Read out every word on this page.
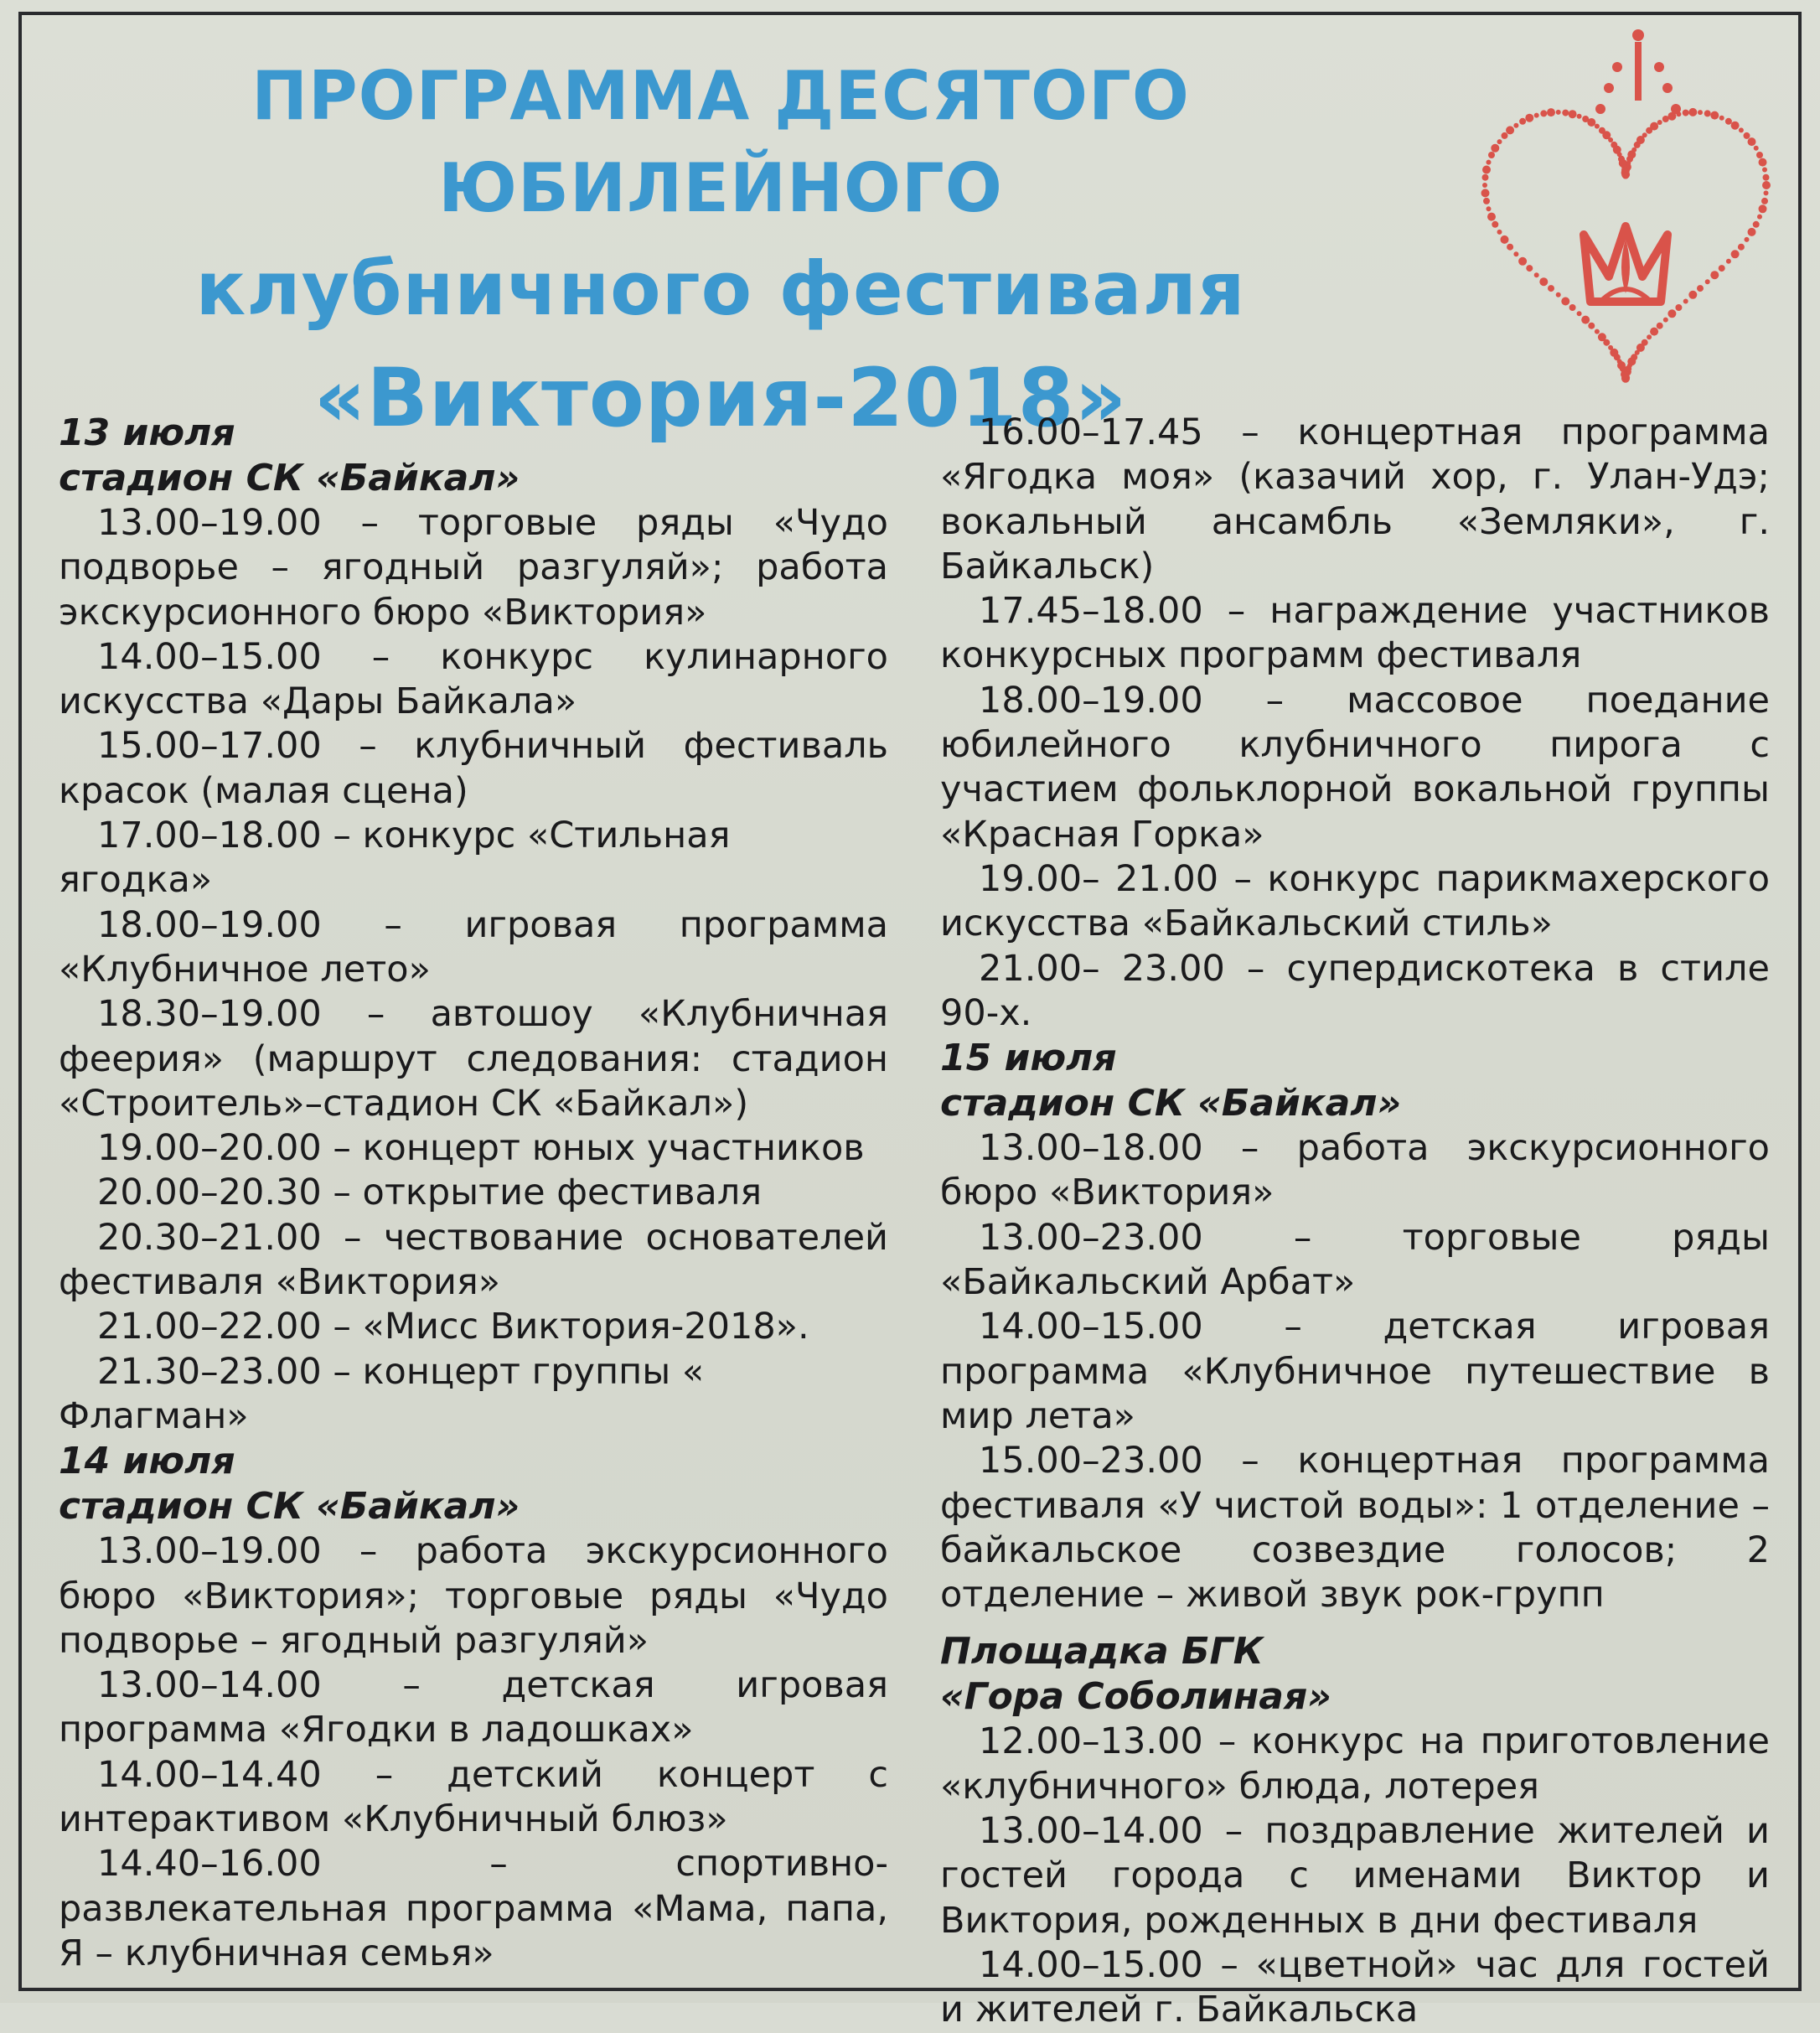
ПРОГРАММА ДЕСЯТОГО ЮБИЛЕЙНОГО
клубничного фестиваля
«Виктория-2018»
13 июля
стадион СК «Байкал»
13.00–19.00 – торговые ряды «Чудо подворье – ягодный разгуляй»; работа экскурсионного бюро «Виктория»
14.00–15.00 – конкурс кулинарного искусства «Дары Байкала»
15.00–17.00 – клубничный фестиваль красок (малая сцена)
17.00–18.00 – конкурс «Стильная ягодка»
18.00–19.00 – игровая программа «Клубничное лето»
18.30–19.00 – автошоу «Клубничная феерия» (маршрут следования: стадион «Строитель»–стадион СК «Байкал»)
19.00–20.00 – концерт юных участников
20.00–20.30 – открытие фестиваля
20.30–21.00 – чествование основателей фестиваля «Виктория»
21.00–22.00 – «Мисс Виктория-2018».
21.30–23.00 – концерт группы « Флагман»
14 июля
стадион СК «Байкал»
13.00–19.00 – работа экскурсионного бюро «Виктория»; торговые ряды «Чудо подворье – ягодный разгуляй»
13.00–14.00 – детская игровая программа «Ягодки в ладошках»
14.00–14.40 – детский концерт с интерактивом «Клубничный блюз»
14.40–16.00 – спортивно-развлекательная программа «Мама, папа, Я – клубничная семья»
16.00–17.45 – концертная программа «Ягодка моя» (казачий хор, г. Улан-Удэ; вокальный ансамбль «Земляки», г. Байкальск)
17.45–18.00 – награждение участников конкурсных программ фестиваля
18.00–19.00 – массовое поедание юбилейного клубничного пирога с участием фольклорной вокальной группы «Красная Горка»
19.00– 21.00 – конкурс парикмахерского искусства «Байкальский стиль»
21.00– 23.00 – супердискотека в стиле 90-х.
15 июля
стадион СК «Байкал»
13.00–18.00 – работа экскурсионного бюро «Виктория»
13.00–23.00 – торговые ряды «Байкальский Арбат»
14.00–15.00 – детская игровая программа «Клубничное путешествие в мир лета»
15.00–23.00 – концертная программа фестиваля «У чистой воды»: 1 отделение – байкальское созвездие голосов; 2 отделение – живой звук рок-групп
Площадка БГК
«Гора Соболиная»
12.00–13.00 – конкурс на приготовление «клубничного» блюда, лотерея
13.00–14.00 – поздравление жителей и гостей города с именами Виктор и Виктория, рожденных в дни фестиваля
14.00–15.00 – «цветной» час для гостей и жителей г. Байкальска
